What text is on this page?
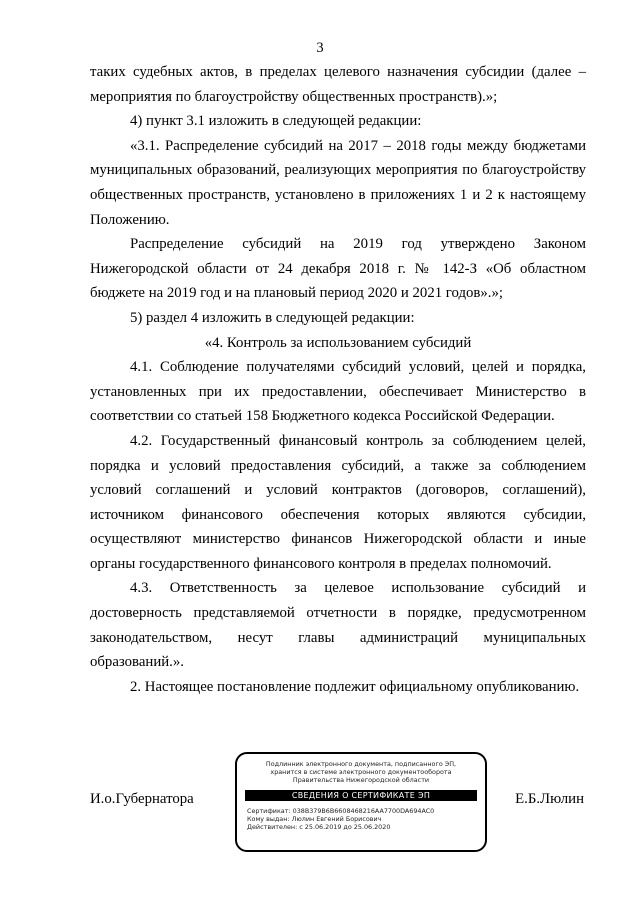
3

таких судебных актов, в пределах целевого назначения субсидии (далее – мероприятия по благоустройству общественных пространств).»;

4) пункт 3.1 изложить в следующей редакции:

«3.1. Распределение субсидий на 2017 – 2018 годы между бюджетами муниципальных образований, реализующих мероприятия по благоустройству общественных пространств, установлено в приложениях 1 и 2 к настоящему Положению.

Распределение субсидий на 2019 год утверждено Законом Нижегородской области от 24 декабря 2018 г. № 142-З «Об областном бюджете на 2019 год и на плановый период 2020 и 2021 годов».»;

5) раздел 4 изложить в следующей редакции:

«4. Контроль за использованием субсидий

4.1. Соблюдение получателями субсидий условий, целей и порядка, установленных при их предоставлении, обеспечивает Министерство в соответствии со статьей 158 Бюджетного кодекса Российской Федерации.

4.2. Государственный финансовый контроль за соблюдением целей, порядка и условий предоставления субсидий, а также за соблюдением условий соглашений и условий контрактов (договоров, соглашений), источником финансового обеспечения которых являются субсидии, осуществляют министерство финансов Нижегородской области и иные органы государственного финансового контроля в пределах полномочий.

4.3. Ответственность за целевое использование субсидий и достоверность представляемой отчетности в порядке, предусмотренном законодательством, несут главы администраций муниципальных образований.».

2. Настоящее постановление подлежит официальному опубликованию.

И.о.Губернатора	Е.Б.Люлин
Подлинник электронного документа, подписанного ЭП,
хранится в системе электронного документооборота
Правительства Нижегородской области
СВЕДЕНИЯ О СЕРТИФИКАТЕ ЭП
Сертификат: 038B379B6B6608468216AA7700DA694AC0
Кому выдан: Люлин Евгений Борисович
Действителен: с 25.06.2019 до 25.06.2020
